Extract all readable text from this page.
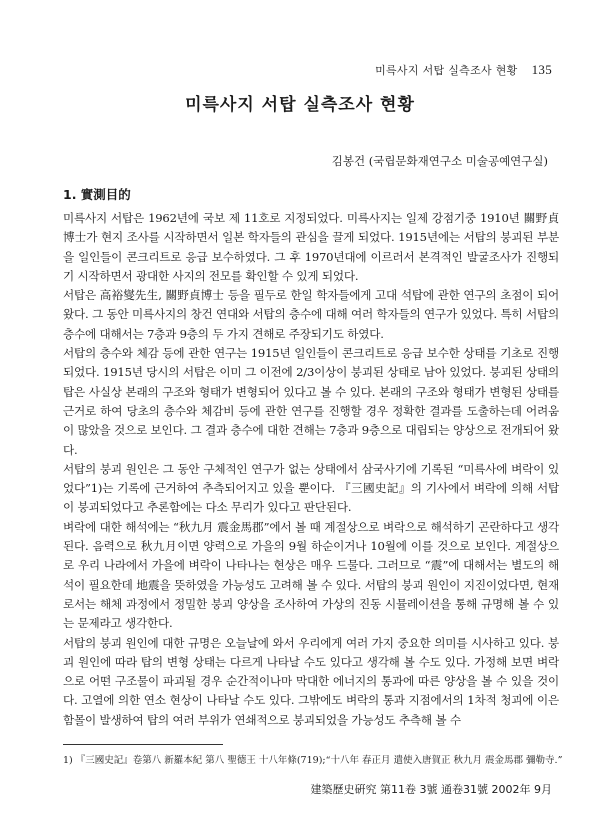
미륵사지 서탑 실측조사 현황 135
미륵사지 서탑 실측조사 현황
김봉건 (국립문화재연구소 미술공예연구실)
1. 實測目的

미륵사지 서탑은 1962년에 국보 제 11호로 지정되었다. 미륵사지는 일제 강점기중 1910년 關野貞博士가 현지 조사를 시작하면서 일본 학자들의 관심을 끌게 되었다. 1915년에는 서탑의 붕괴된 부분을 일인들이 콘크리트로 응급 보수하였다. 그 후 1970년대에 이르러서 본격적인 발굴조사가 진행되기 시작하면서 광대한 사지의 전모를 확인할 수 있게 되었다.

서탑은 高裕燮先生, 關野貞博士 등을 필두로 한일 학자들에게 고대 석탑에 관한 연구의 초점이 되어 왔다. 그 동안 미륵사지의 창건 연대와 서탑의 층수에 대해 여러 학자들의 연구가 있었다. 특히 서탑의 층수에 대해서는 7층과 9층의 두 가지 견해로 주장되기도 하였다.

서탑의 층수와 체감 등에 관한 연구는 1915년 일인들이 콘크리트로 응급 보수한 상태를 기초로 진행되었다. 1915년 당시의 서탑은 이미 그 이전에 2/3이상이 붕괴된 상태로 남아 있었다. 붕괴된 상태의 탑은 사실상 본래의 구조와 형태가 변형되어 있다고 볼 수 있다. 본래의 구조와 형태가 변형된 상태를 근거로 하여 당초의 층수와 체감비 등에 관한 연구를 진행할 경우 정확한 결과를 도출하는데 어려움이 많았을 것으로 보인다. 그 결과 층수에 대한 견해는 7층과 9층으로 대립되는 양상으로 전개되어 왔다.

서탑의 붕괴 원인은 그 동안 구체적인 연구가 없는 상태에서 삼국사기에 기록된 “미륵사에 벼락이 있었다”1)는 기록에 근거하여 추측되어지고 있을 뿐이다. 『三國史記』의 기사에서 벼락에 의해 서탑이 붕괴되었다고 추론함에는 다소 무리가 있다고 판단된다.

벼락에 대한 해석에는 “秋九月 震金馬郡”에서 볼 때 계절상으로 벼락으로 해석하기 곤란하다고 생각된다. 음력으로 秋九月이면 양력으로 가을의 9월 하순이거나 10월에 이를 것으로 보인다. 계절상으로 우리 나라에서 가을에 벼락이 나타나는 현상은 매우 드물다. 그러므로 “震”에 대해서는 별도의 해석이 필요한데 地震을 뜻하였을 가능성도 고려해 볼 수 있다. 서탑의 붕괴 원인이 지진이었다면, 현재로서는 해체 과정에서 정밀한 붕괴 양상을 조사하여 가상의 진동 시뮬레이션을 통해 규명해 볼 수 있는 문제라고 생각한다.

서탑의 붕괴 원인에 대한 규명은 오늘날에 와서 우리에게 여러 가지 중요한 의미를 시사하고 있다. 붕괴 원인에 따라 탑의 변형 상태는 다르게 나타날 수도 있다고 생각해 볼 수도 있다. 가정해 보면 벼락으로 어떤 구조물이 파괴될 경우 순간적이나마 막대한 에너지의 통과에 따른 양상을 볼 수 있을 것이다. 고열에 의한 연소 현상이 나타날 수도 있다. 그밖에도 벼락의 통과 지점에서의 1차적 청괴에 이은 함몰이 발생하여 탑의 여러 부위가 연쇄적으로 붕괴되었을 가능성도 추측해 볼 수

1) 『三國史記』卷第八 新羅本紀 第八 聖德王 十八年條(719);“十八年 春正月 遣使入唐賀正 秋九月 震金馬郡 彌勒寺.”
建築歷史硏究 第11卷 3號 通卷31號 2002年 9月
